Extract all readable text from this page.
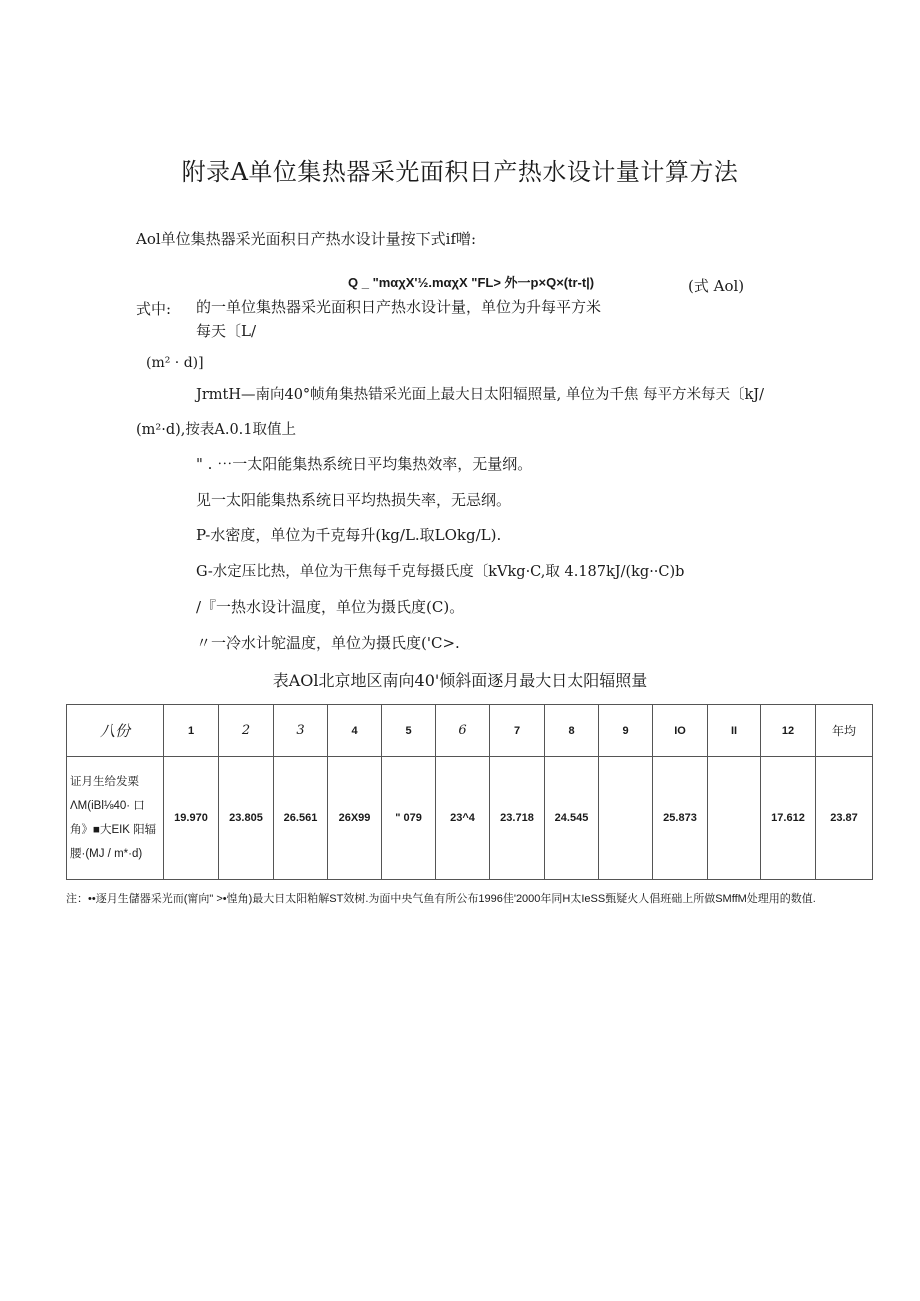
附录A单位集热器采光面积日产热水设计量计算方法
Aol单位集热器采光面积日产热水设计量按下式if噌:
Q _ "mαχX'½.mαχX "FL> 外一p×Q×(tr-t|)	(式 Aol)
式中: 的一单位集热器采光面积日产热水设计量，单位为升每平方米
每天〔L/
(m² · d)]
JrmtH—南向40°帧角集热错采光面上最大日太阳辐照量, 单位为千焦 每平方米每天〔kJ/
(m²·d),按表A.0.1取值上
" . ⋯一太阳能集热系统日平均集热效率，无量纲。
见一太阳能集热系统日平均热损失率，无忌纲。
P-水密度，单位为千克每升(kg/L.取LOkg/L).
G-水定压比热，单位为干焦每千克每摄氏度〔kVkg·C,取 4.187kJ/(kg··C)b
/『一热水设计温度，单位为摄氏度(C)。
〃一冷水计鸵温度，单位为摄氏度('C>.
表AOl北京地区南向40'倾斜面逐月最大日太阳辐照量
八份	1	2	3	4	5	6	7	8	9	IO	II	12	年均

证月生给发栗
ΛM(iBl⅛40· 口
角》■大EIK 阳辐
腰·(MJ / m*·d)	19.970	23.805	26.561	26X99	" 079	23^4	23.718	24.545		25.873		17.612	23.87
注：••逐月生儲器采光而(甯向" >•惶角)最大日太阳粕解ST效树.为面中央气鱼有所公布1996佳'2000年同H太IeSS甄疑火人倡班础上所做SMffM处理用的数值.
